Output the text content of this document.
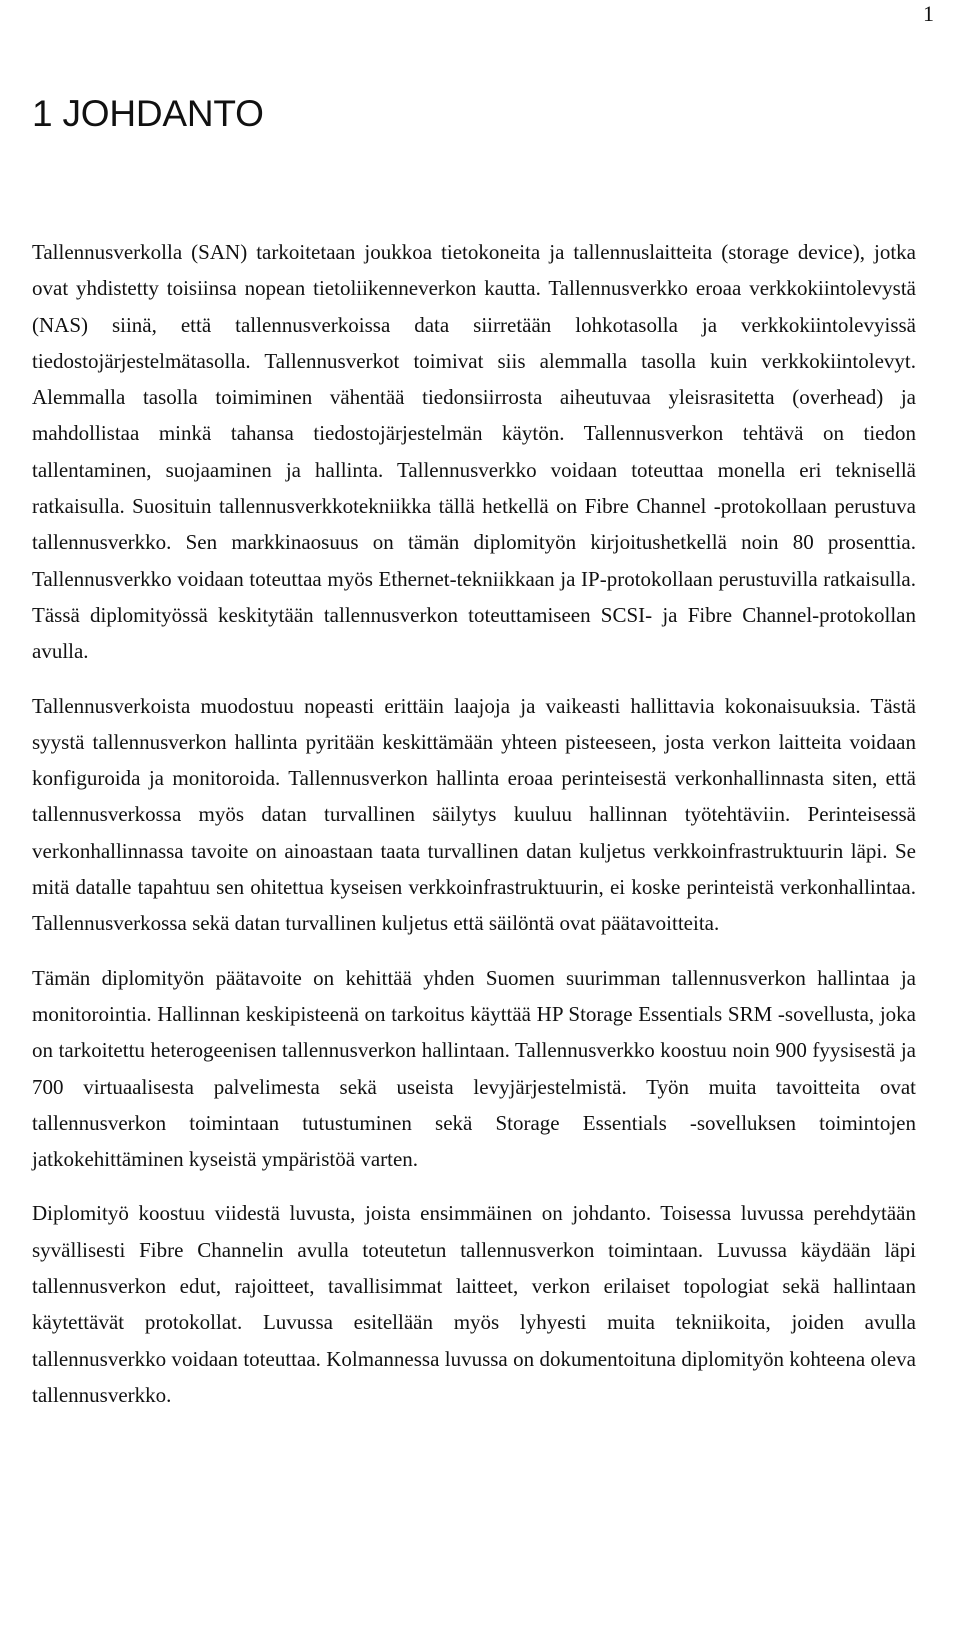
1
1 JOHDANTO

Tallennusverkolla (SAN) tarkoitetaan joukkoa tietokoneita ja tallennuslaitteita (storage device), jotka ovat yhdistetty toisiinsa nopean tietoliikenneverkon kautta. Tallennusverkko eroaa verkkokiintolevystä (NAS) siinä, että tallennusverkoissa data siirretään lohkotasolla ja verkkokiintolevyissä tiedostojärjestelmätasolla. Tallennusverkot toimivat siis alemmalla tasolla kuin verkkokiintolevyt. Alemmalla tasolla toimiminen vähentää tiedonsiirrosta aiheutuvaa yleisrasitetta (overhead) ja mahdollistaa minkä tahansa tiedostojärjestelmän käytön. Tallennusverkon tehtävä on tiedon tallentaminen, suojaaminen ja hallinta. Tallennusverkko voidaan toteuttaa monella eri teknisellä ratkaisulla. Suosituin tallennusverkkotekniikka tällä hetkellä on Fibre Channel -protokollaan perustuva tallennusverkko. Sen markkinaosuus on tämän diplomityön kirjoitushetkellä noin 80 prosenttia. Tallennusverkko voidaan toteuttaa myös Ethernet-tekniikkaan ja IP-protokollaan perustuvilla ratkaisulla. Tässä diplomityössä keskitytään tallennusverkon toteuttamiseen SCSI- ja Fibre Channel-protokollan avulla.

Tallennusverkoista muodostuu nopeasti erittäin laajoja ja vaikeasti hallittavia kokonaisuuksia. Tästä syystä tallennusverkon hallinta pyritään keskittämään yhteen pisteeseen, josta verkon laitteita voidaan konfiguroida ja monitoroida. Tallennusverkon hallinta eroaa perinteisestä verkonhallinnasta siten, että tallennusverkossa myös datan turvallinen säilytys kuuluu hallinnan työtehtäviin. Perinteisessä verkonhallinnassa tavoite on ainoastaan taata turvallinen datan kuljetus verkkoinfrastruktuurin läpi. Se mitä datalle tapahtuu sen ohitettua kyseisen verkkoinfrastruktuurin, ei koske perinteistä verkonhallintaa. Tallennusverkossa sekä datan turvallinen kuljetus että säilöntä ovat päätavoitteita.

Tämän diplomityön päätavoite on kehittää yhden Suomen suurimman tallennusverkon hallintaa ja monitorointia. Hallinnan keskipisteenä on tarkoitus käyttää HP Storage Essentials SRM -sovellusta, joka on tarkoitettu heterogeenisen tallennusverkon hallintaan. Tallennusverkko koostuu noin 900 fyysisestä ja 700 virtuaalisesta palvelimesta sekä useista levyjärjestelmistä. Työn muita tavoitteita ovat tallennusverkon toimintaan tutustuminen sekä Storage Essentials -sovelluksen toimintojen jatkokehittäminen kyseistä ympäristöä varten.

Diplomityö koostuu viidestä luvusta, joista ensimmäinen on johdanto. Toisessa luvussa perehdytään syvällisesti Fibre Channelin avulla toteutetun tallennusverkon toimintaan. Luvussa käydään läpi tallennusverkon edut, rajoitteet, tavallisimmat laitteet, verkon erilaiset topologiat sekä hallintaan käytettävät protokollat. Luvussa esitellään myös lyhyesti muita tekniikoita, joiden avulla tallennusverkko voidaan toteuttaa. Kolmannessa luvussa on dokumentoituna diplomityön kohteena oleva tallennusverkko.
